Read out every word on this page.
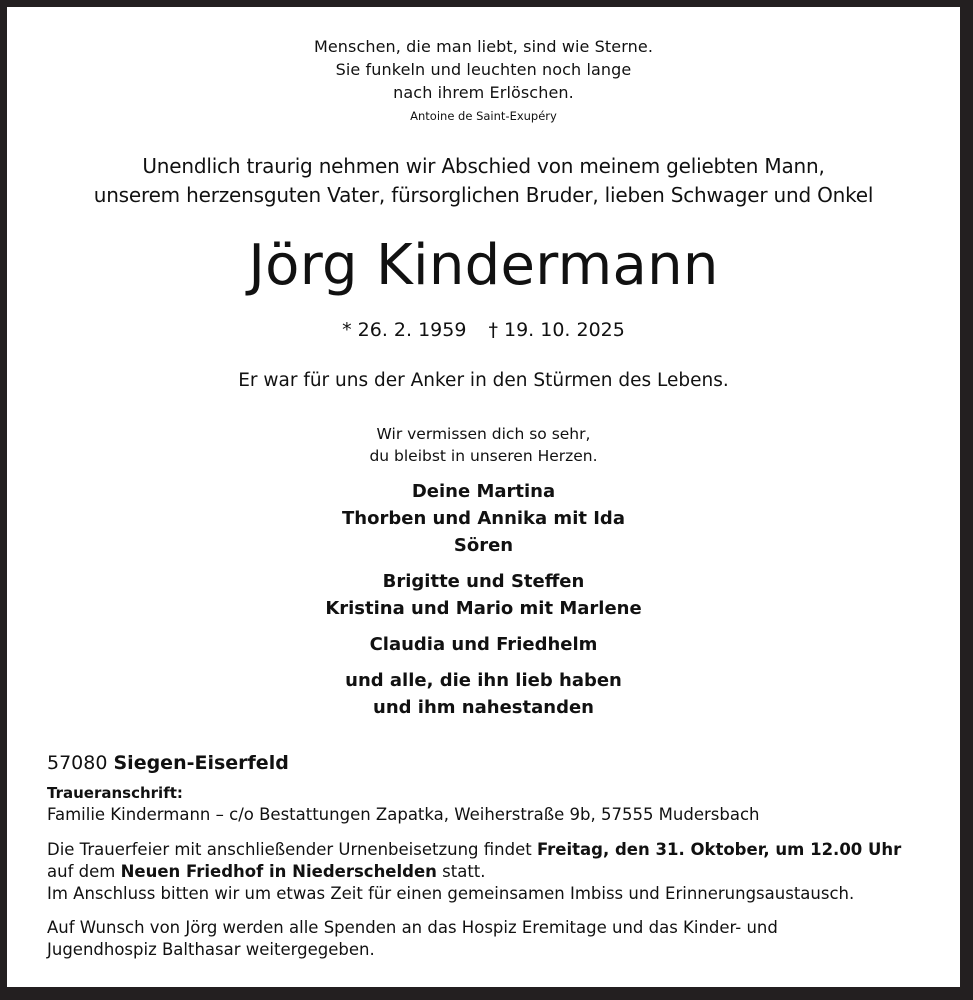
Menschen, die man liebt, sind wie Sterne.
Sie funkeln und leuchten noch lange
nach ihrem Erlöschen.
Antoine de Saint-Exupéry
Unendlich traurig nehmen wir Abschied von meinem geliebten Mann,
unserem herzensguten Vater, fürsorglichen Bruder, lieben Schwager und Onkel
Jörg Kindermann
* 26. 2. 1959 † 19. 10. 2025
Er war für uns der Anker in den Stürmen des Lebens.
Wir vermissen dich so sehr,
du bleibst in unseren Herzen.
Deine Martina
Thorben und Annika mit Ida
Sören
Brigitte und Steffen
Kristina und Mario mit Marlene
Claudia und Friedhelm
und alle, die ihn lieb haben
und ihm nahestanden
57080 Siegen-Eiserfeld
Traueranschrift:
Familie Kindermann – c/o Bestattungen Zapatka, Weiherstraße 9b, 57555 Mudersbach
Die Trauerfeier mit anschließender Urnenbeisetzung findet Freitag, den 31. Oktober, um 12.00 Uhr
auf dem Neuen Friedhof in Niederschelden statt.
Im Anschluss bitten wir um etwas Zeit für einen gemeinsamen Imbiss und Erinnerungsaustausch.
Auf Wunsch von Jörg werden alle Spenden an das Hospiz Eremitage und das Kinder- und
Jugendhospiz Balthasar weitergegeben.
